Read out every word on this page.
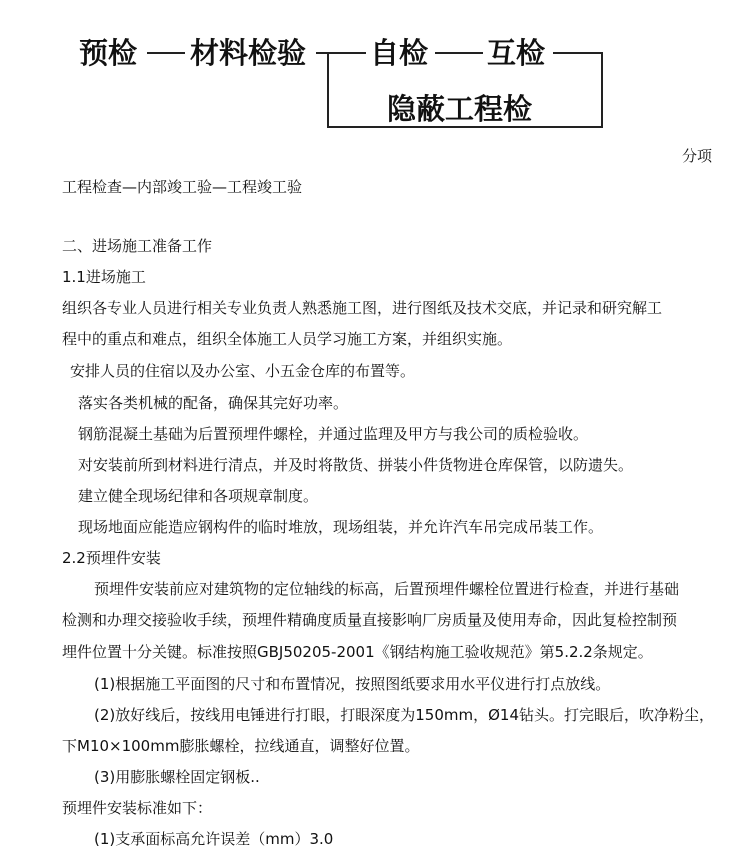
预检 材料检验 自检 互检
隐蔽工程检
分项
工程检查—内部竣工验—工程竣工验
二、进场施工准备工作
1.1进场施工
组织各专业人员进行相关专业负责人熟悉施工图，进行图纸及技术交底，并记录和研究解工
程中的重点和难点，组织全体施工人员学习施工方案，并组织实施。
安排人员的住宿以及办公室、小五金仓库的布置等。
落实各类机械的配备，确保其完好功率。
钢筋混凝土基础为后置预埋件螺栓，并通过监理及甲方与我公司的质检验收。
对安装前所到材料进行清点，并及时将散货、拼装小件货物进仓库保管，以防遗失。
建立健全现场纪律和各项规章制度。
现场地面应能造应钢构件的临时堆放，现场组装，并允许汽车吊完成吊装工作。
2.2预埋件安装
预埋件安装前应对建筑物的定位轴线的标高，后置预埋件螺栓位置进行检查，并进行基础
检测和办理交接验收手续，预埋件精确度质量直接影响厂房质量及使用寿命，因此复检控制预
埋件位置十分关键。标准按照GBJ50205-2001《钢结构施工验收规范》第5.2.2条规定。
(1)根据施工平面图的尺寸和布置情况，按照图纸要求用水平仪进行打点放线。
(2)放好线后，按线用电锤进行打眼，打眼深度为150mm，Ø14钻头。打完眼后，吹净粉尘，
下M10×100mm膨胀螺栓，拉线通直，调整好位置。
(3)用膨胀螺栓固定钢板..
预埋件安装标准如下：
(1)支承面标高允许误差（mm）3.0
